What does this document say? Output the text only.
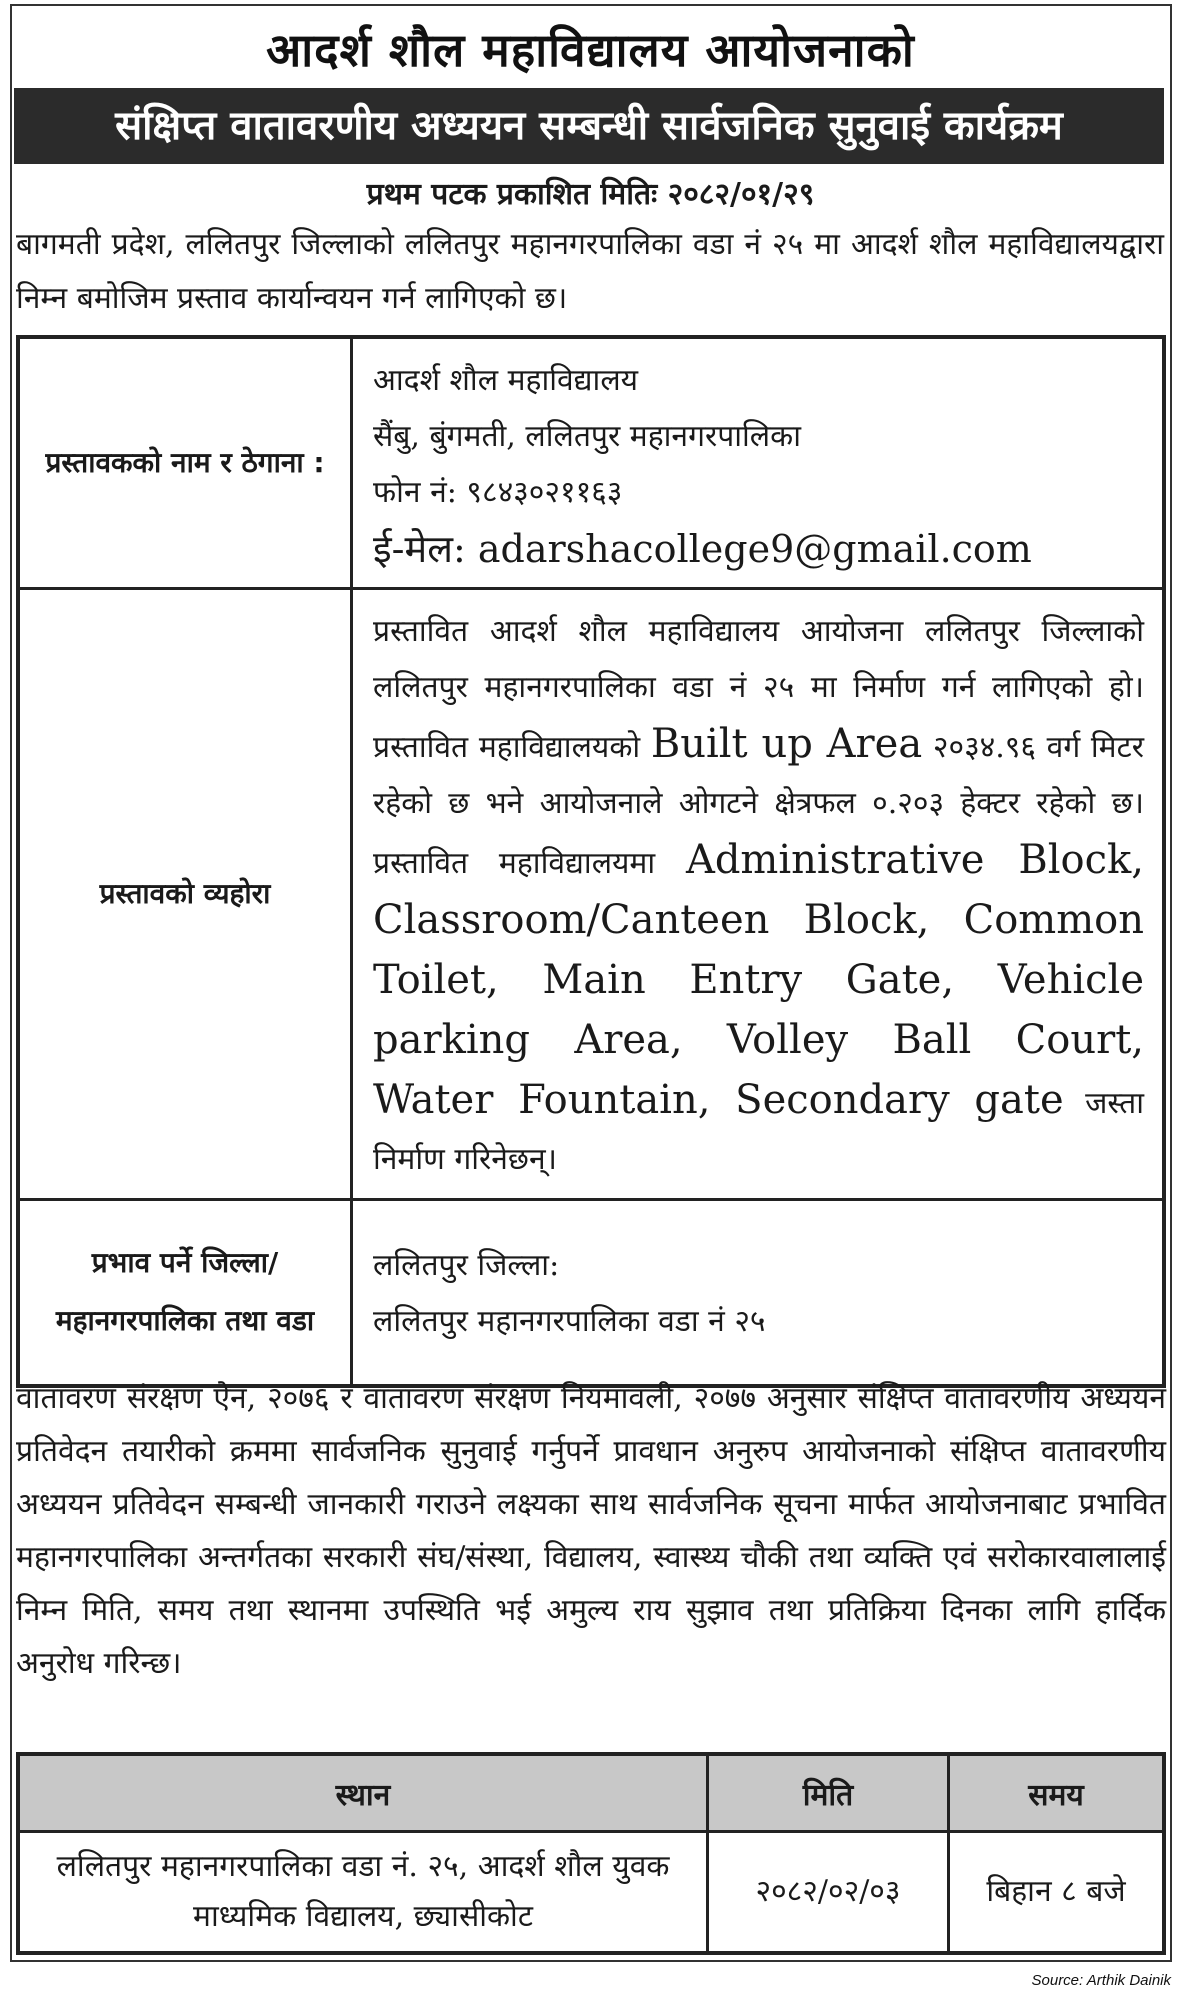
आदर्श शौल महाविद्यालय आयोजनाको
संक्षिप्त वातावरणीय अध्ययन सम्बन्धी सार्वजनिक सुनुवाई कार्यक्रम
प्रथम पटक प्रकाशित मितिः २०८२/०१/२९
बागमती प्रदेश, ललितपुर जिल्लाको ललितपुर महानगरपालिका वडा नं २५ मा आदर्श शौल महाविद्यालयद्वारा निम्न बमोजिम प्रस्ताव कार्यान्वयन गर्न लागिएको छ।
प्रस्तावकको नाम र ठेगाना :	आदर्श शौल महाविद्यालय
सैंबु, बुंगमती, ललितपुर महानगरपालिका
फोन नं: ९८४३०२११६३
ई-मेल: adarshacollege9@gmail.com

प्रस्तावको व्यहोरा	प्रस्तावित आदर्श शौल महाविद्यालय आयोजना ललितपुर जिल्लाको ललितपुर महानगरपालिका वडा नं २५ मा निर्माण गर्न लागिएको हो। प्रस्तावित महाविद्यालयको Built up Area २०३४.९६ वर्ग मिटर रहेको छ भने आयोजनाले ओगटने क्षेत्रफल ०.२०३ हेक्टर रहेको छ। प्रस्तावित महाविद्यालयमा Administrative Block, Classroom/Canteen Block, Common Toilet, Main Entry Gate, Vehicle parking Area, Volley Ball Court, Water Fountain, Secondary gate जस्ता निर्माण गरिनेछन्।
प्रभाव पर्ने जिल्ला/ महानगरपालिका तथा वडा	ललितपुर जिल्ला:
ललितपुर महानगरपालिका वडा नं २५
वातावरण संरक्षण ऐन, २०७६ र वातावरण संरक्षण नियमावली, २०७७ अनुसार संक्षिप्त वातावरणीय अध्ययन प्रतिवेदन तयारीको क्रममा सार्वजनिक सुनुवाई गर्नुपर्ने प्रावधान अनुरुप आयोजनाको संक्षिप्त वातावरणीय अध्ययन प्रतिवेदन सम्बन्धी जानकारी गराउने लक्ष्यका साथ सार्वजनिक सूचना मार्फत आयोजनाबाट प्रभावित महानगरपालिका अन्तर्गतका सरकारी संघ/संस्था, विद्यालय, स्वास्थ्य चौकी तथा व्यक्ति एवं सरोकारवालालाई निम्न मिति, समय तथा स्थानमा उपस्थिति भई अमुल्य राय सुझाव तथा प्रतिक्रिया दिनका लागि हार्दिक अनुरोध गरिन्छ।
स्थान	मिति	समय
ललितपुर महानगरपालिका वडा नं. २५, आदर्श शौल युवक माध्यमिक विद्यालय, छ्यासीकोट	२०८२/०२/०३	बिहान ८ बजे
Source: Arthik Dainik
